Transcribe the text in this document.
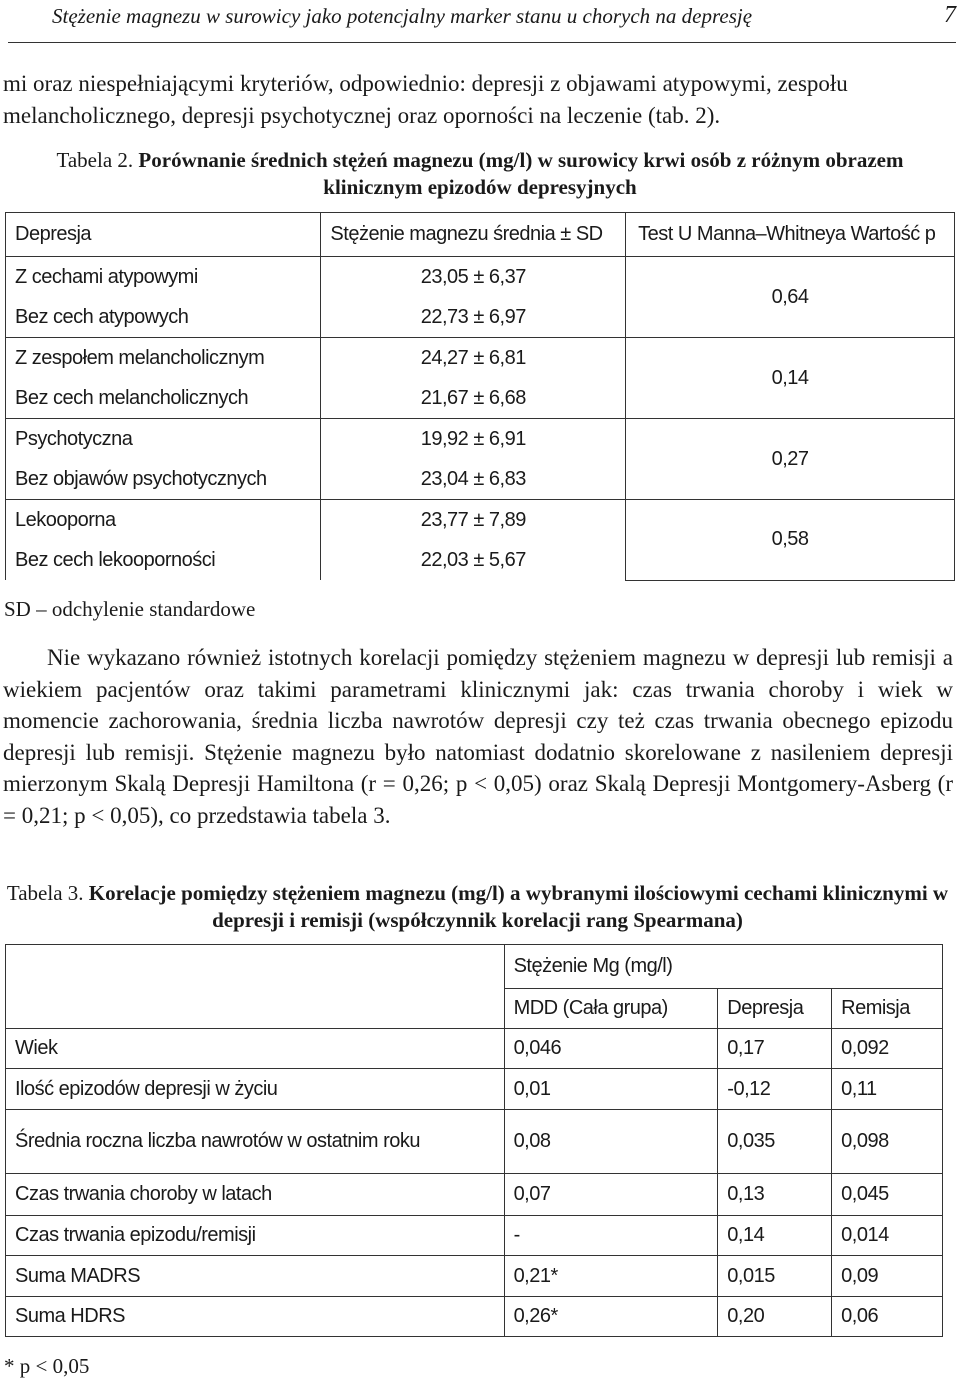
Stężenie magnezu w surowicy jako potencjalny marker stanu u chorych na depresję	7

mi oraz niespełniającymi kryteriów, odpowiednio: depresji z objawami atypowymi, zespołu melancholicznego, depresji psychotycznej oraz oporności na leczenie (tab. 2).

Tabela 2. Porównanie średnich stężeń magnezu (mg/l) w surowicy krwi osób z różnym obrazem klinicznym epizodów depresyjnych
Depresja	Stężenie magnezu średnia ± SD	Test U Manna–Whitneya Wartość p
Z cechami atypowymi	23,05 ± 6,37	0,64
Bez cech atypowych	22,73 ± 6,97	
Z zespołem melancholicznym	24,27 ± 6,81	0,14
Bez cech melancholicznych	21,67 ± 6,68	
Psychotyczna	19,92 ± 6,91	0,27
Bez objawów psychotycznych	23,04 ± 6,83	
Lekooporna	23,77 ± 7,89	0,58
Bez cech lekooporności	22,03 ± 5,67	
SD – odchylenie standardowe

Nie wykazano również istotnych korelacji pomiędzy stężeniem magnezu w depresji lub remisji a wiekiem pacjentów oraz takimi parametrami klinicznymi jak: czas trwania choroby i wiek w momencie zachorowania, średnia liczba nawrotów depresji czy też czas trwania obecnego epizodu depresji lub remisji. Stężenie magnezu było natomiast dodatnio skorelowane z nasileniem depresji mierzonym Skalą Depresji Hamiltona (r = 0,26; p < 0,05) oraz Skalą Depresji Montgomery-Asberg (r = 0,21; p < 0,05), co przedstawia tabela 3.

Tabela 3. Korelacje pomiędzy stężeniem magnezu (mg/l) a wybranymi ilościowymi cechami klinicznymi w depresji i remisji (współczynnik korelacji rang Spearmana)
	Stężenie Mg (mg/l)		
	MDD (Cała grupa)	Depresja	Remisja
Wiek	0,046	0,17	0,092
Ilość epizodów depresji w życiu	0,01	-0,12	0,11
Średnia roczna liczba nawrotów w ostatnim roku	0,08	0,035	0,098
Czas trwania choroby w latach	0,07	0,13	0,045
Czas trwania epizodu/remisji	-	0,14	0,014
Suma MADRS	0,21*	0,015	0,09
Suma HDRS	0,26*	0,20	0,06
* p < 0,05
